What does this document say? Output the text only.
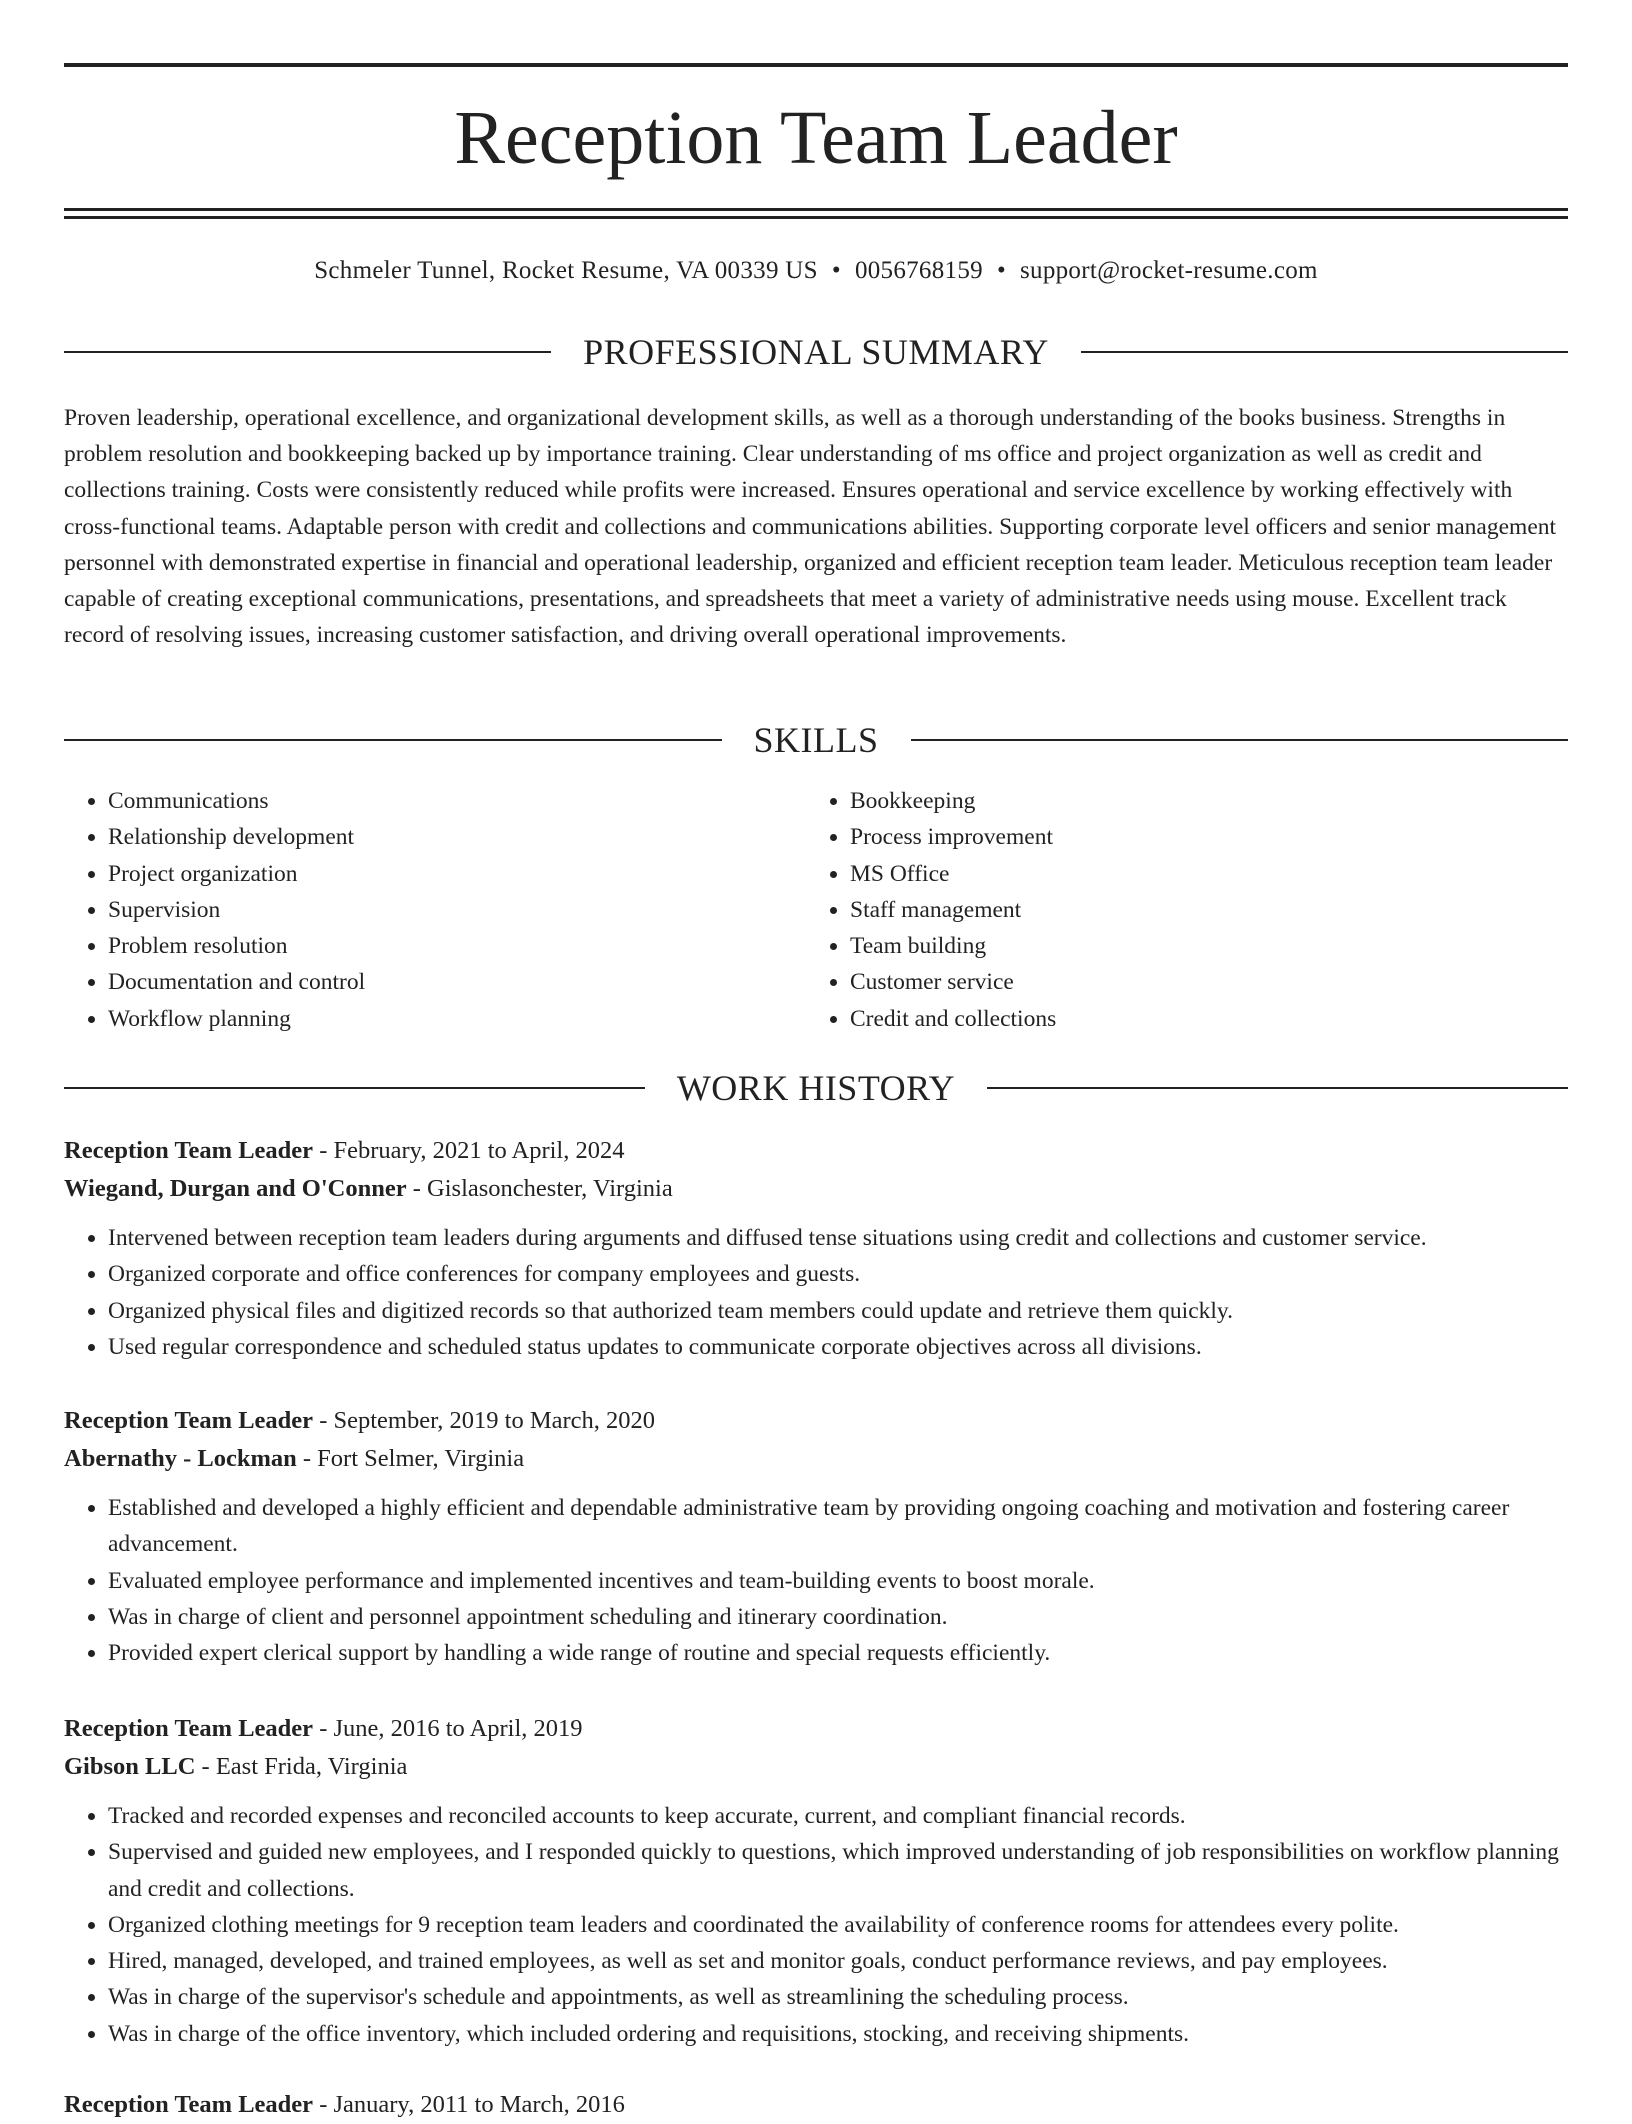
Reception Team Leader
Schmeler Tunnel, Rocket Resume, VA 00339 US • 0056768159 • support@rocket-resume.com
PROFESSIONAL SUMMARY

Proven leadership, operational excellence, and organizational development skills, as well as a thorough understanding of the books business. Strengths in problem resolution and bookkeeping backed up by importance training. Clear understanding of ms office and project organization as well as credit and collections training. Costs were consistently reduced while profits were increased. Ensures operational and service excellence by working effectively with cross-functional teams. Adaptable person with credit and collections and communications abilities. Supporting corporate level officers and senior management personnel with demonstrated expertise in financial and operational leadership, organized and efficient reception team leader. Meticulous reception team leader capable of creating exceptional communications, presentations, and spreadsheets that meet a variety of administrative needs using mouse. Excellent track record of resolving issues, increasing customer satisfaction, and driving overall operational improvements.

SKILLS
• Communications
• Relationship development
• Project organization
• Supervision
• Problem resolution
• Documentation and control
• Workflow planning
• Bookkeeping
• Process improvement
• MS Office
• Staff management
• Team building
• Customer service
• Credit and collections
WORK HISTORY
Reception Team Leader - February, 2021 to April, 2024
Wiegand, Durgan and O'Conner - Gislasonchester, Virginia
• Intervened between reception team leaders during arguments and diffused tense situations using credit and collections and customer service.
• Organized corporate and office conferences for company employees and guests.
• Organized physical files and digitized records so that authorized team members could update and retrieve them quickly.
• Used regular correspondence and scheduled status updates to communicate corporate objectives across all divisions.
Reception Team Leader - September, 2019 to March, 2020
Abernathy - Lockman - Fort Selmer, Virginia
• Established and developed a highly efficient and dependable administrative team by providing ongoing coaching and motivation and fostering career advancement.
• Evaluated employee performance and implemented incentives and team-building events to boost morale.
• Was in charge of client and personnel appointment scheduling and itinerary coordination.
• Provided expert clerical support by handling a wide range of routine and special requests efficiently.
Reception Team Leader - June, 2016 to April, 2019
Gibson LLC - East Frida, Virginia
• Tracked and recorded expenses and reconciled accounts to keep accurate, current, and compliant financial records.
• Supervised and guided new employees, and I responded quickly to questions, which improved understanding of job responsibilities on workflow planning and credit and collections.
• Organized clothing meetings for 9 reception team leaders and coordinated the availability of conference rooms for attendees every polite.
• Hired, managed, developed, and trained employees, as well as set and monitor goals, conduct performance reviews, and pay employees.
• Was in charge of the supervisor's schedule and appointments, as well as streamlining the scheduling process.
• Was in charge of the office inventory, which included ordering and requisitions, stocking, and receiving shipments.
Reception Team Leader - January, 2011 to March, 2016
